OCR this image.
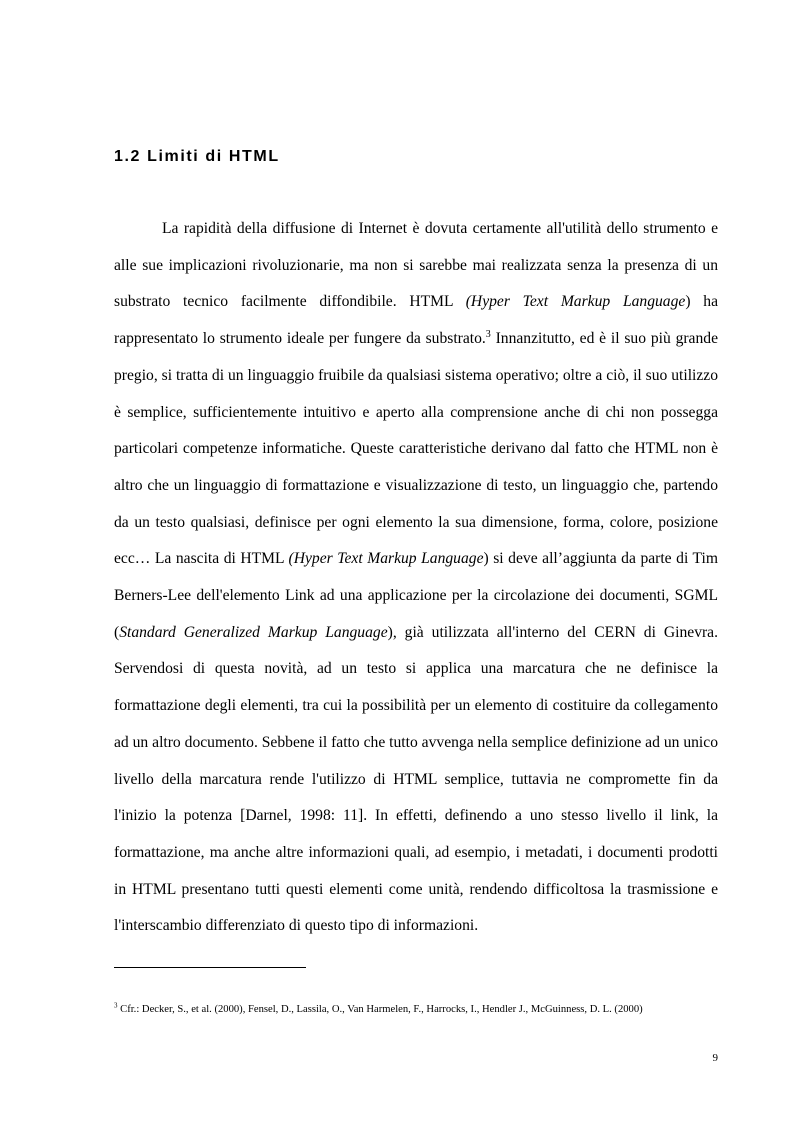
1.2 Limiti di HTML

La rapidità della diffusione di Internet è dovuta certamente all'utilità dello strumento e alle sue implicazioni rivoluzionarie, ma non si sarebbe mai realizzata senza la presenza di un substrato tecnico facilmente diffondibile. HTML (Hyper Text Markup Language) ha rappresentato lo strumento ideale per fungere da substrato.$^3$ Innanzitutto, ed è il suo più grande pregio, si tratta di un linguaggio fruibile da qualsiasi sistema operativo; oltre a ciò, il suo utilizzo è semplice, sufficientemente intuitivo e aperto alla comprensione anche di chi non possegga particolari competenze informatiche. Queste caratteristiche derivano dal fatto che HTML non è altro che un linguaggio di formattazione e visualizzazione di testo, un linguaggio che, partendo da un testo qualsiasi, definisce per ogni elemento la sua dimensione, forma, colore, posizione ecc… La nascita di HTML (Hyper Text Markup Language) si deve all’aggiunta da parte di Tim Berners-Lee dell'elemento Link ad una applicazione per la circolazione dei documenti, SGML (Standard Generalized Markup Language), già utilizzata all'interno del CERN di Ginevra. Servendosi di questa novità, ad un testo si applica una marcatura che ne definisce la formattazione degli elementi, tra cui la possibilità per un elemento di costituire da collegamento ad un altro documento. Sebbene il fatto che tutto avvenga nella semplice definizione ad un unico livello della marcatura rende l'utilizzo di HTML semplice, tuttavia ne compromette fin da l'inizio la potenza [Darnel, 1998: 11]. In effetti, definendo a uno stesso livello il link, la formattazione, ma anche altre informazioni quali, ad esempio, i metadati, i documenti prodotti in HTML presentano tutti questi elementi come unità, rendendo difficoltosa la trasmissione e l'interscambio differenziato di questo tipo di informazioni.

$^3$ Cfr.: Decker, S., et al. (2000), Fensel, D., Lassila, O., Van Harmelen, F., Harrocks, I., Hendler J., McGuinness, D. L. (2000)

9
